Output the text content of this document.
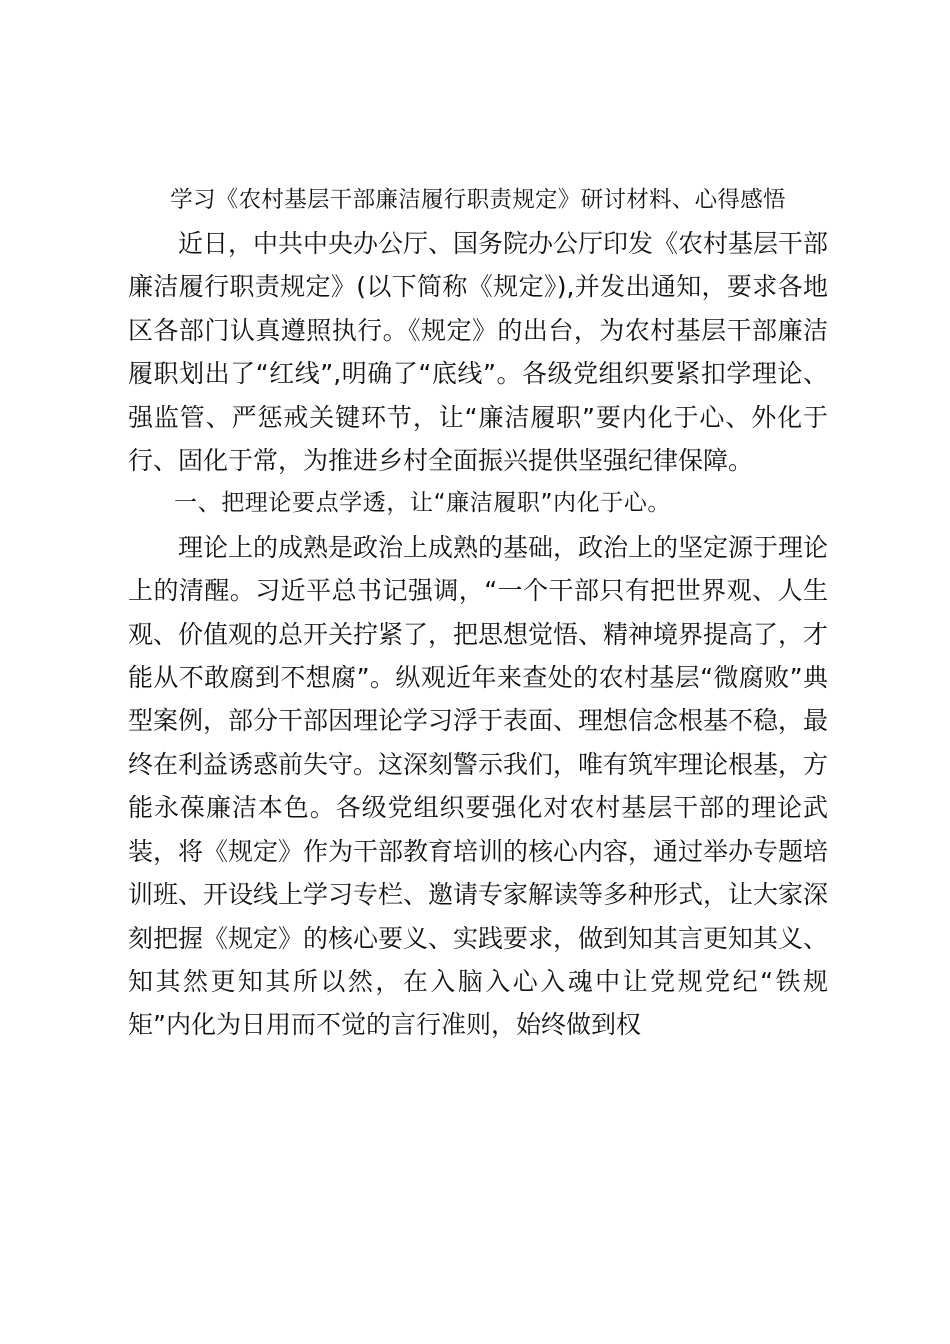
学习《农村基层干部廉洁履行职责规定》研讨材料、心得感悟

近日，中共中央办公厅、国务院办公厅印发《农村基层干部廉洁履行职责规定》(以下简称《规定》),并发出通知，要求各地区各部门认真遵照执行。《规定》的出台，为农村基层干部廉洁履职划出了“红线”,明确了“底线”。各级党组织要紧扣学理论、强监管、严惩戒关键环节，让“廉洁履职”要内化于心、外化于行、固化于常，为推进乡村全面振兴提供坚强纪律保障。

一、把理论要点学透，让“廉洁履职”内化于心。

理论上的成熟是政治上成熟的基础，政治上的坚定源于理论上的清醒。习近平总书记强调，“一个干部只有把世界观、人生观、价值观的总开关拧紧了，把思想觉悟、精神境界提高了，才能从不敢腐到不想腐”。纵观近年来查处的农村基层“微腐败”典型案例，部分干部因理论学习浮于表面、理想信念根基不稳，最终在利益诱惑前失守。这深刻警示我们，唯有筑牢理论根基，方能永葆廉洁本色。各级党组织要强化对农村基层干部的理论武装，将《规定》作为干部教育培训的核心内容，通过举办专题培训班、开设线上学习专栏、邀请专家解读等多种形式，让大家深刻把握《规定》的核心要义、实践要求，做到知其言更知其义、知其然更知其所以然，在入脑入心入魂中让党规党纪“铁规矩”内化为日用而不觉的言行准则，始终做到权
